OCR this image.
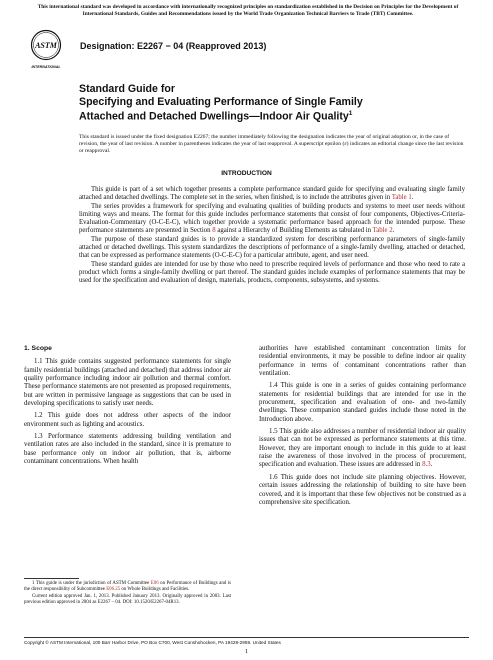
This international standard was developed in accordance with internationally recognized principles on standardization established in the Decision on Principles for the Development of International Standards, Guides and Recommendations issued by the World Trade Organization Technical Barriers to Trade (TBT) Committee.
ASTM
INTERNATIONAL
Designation: E2267 − 04 (Reapproved 2013)
Standard Guide for
Specifying and Evaluating Performance of Single Family
Attached and Detached Dwellings—Indoor Air Quality$^1$
This standard is issued under the fixed designation E2267; the number immediately following the designation indicates the year of original adoption or, in the case of revision, the year of last revision. A number in parentheses indicates the year of last reapproval. A superscript epsilon (ε) indicates an editorial change since the last revision or reapproval.
INTRODUCTION

This guide is part of a set which together presents a complete performance standard guide for specifying and evaluating single family attached and detached dwellings. The complete set in the series, when finished, is to include the attributes given in Table 1.

The series provides a framework for specifying and evaluating qualities of building products and systems to meet user needs without limiting ways and means. The format for this guide includes performance statements that consist of four components, Objectives-Criteria-Evaluation-Commentary (O-C-E-C), which together provide a systematic performance based approach for the intended purpose. These performance statements are presented in Section 8 against a Hierarchy of Building Elements as tabulated in Table 2.

The purpose of these standard guides is to provide a standardized system for describing performance parameters of single-family attached or detached dwellings. This system standardizes the descriptions of performance of a single-family dwelling, attached or detached, that can be expressed as performance statements (O-C-E-C) for a particular attribute, agent, and user need.

These standard guides are intended for use by those who need to prescribe required levels of performance and those who need to rate a product which forms a single-family dwelling or part thereof. The standard guides include examples of performance statements that may be used for the specification and evaluation of design, materials, products, components, subsystems, and systems.

1. Scope

1.1 This guide contains suggested performance statements for single family residential buildings (attached and detached) that address indoor air quality performance including indoor air pollution and thermal comfort. These performance statements are not presented as proposed requirements, but are written in permissive language as suggestions that can be used in developing specifications to satisfy user needs.

1.2 This guide does not address other aspects of the indoor environment such as lighting and acoustics.

1.3 Performance statements addressing building ventilation and ventilation rates are also included in the standard, since it is premature to base performance only on indoor air pollution, that is, airborne contaminant concentrations. When health

authorities have established contaminant concentration limits for residential environments, it may be possible to define indoor air quality performance in terms of contaminant concentrations rather than ventilation.

1.4 This guide is one in a series of guides containing performance statements for residential buildings that are intended for use in the procurement, specification and evaluation of one- and two-family dwellings. These companion standard guides include those noted in the Introduction above.

1.5 This guide also addresses a number of residential indoor air quality issues that can not be expressed as performance statements at this time. However, they are important enough to include in this guide to at least raise the awareness of those involved in the process of procurement, specification and evaluation. These issues are addressed in 8.3.

1.6 This guide does not include site planning objectives. However, certain issues addressing the relationship of building to site have been covered, and it is important that these few objectives not be construed as a comprehensive site specification.

1 This guide is under the jurisdiction of ASTM Committee E06 on Performance of Buildings and is the direct responsibility of Subcommittee E06.25 on Whole Buildings and Facilities.

Current edition approved Jan. 1, 2013. Published January 2013. Originally approved in 2003. Last previous edition approved in 2004 as E2267 – 04. DOI: 10.1520/E2267-04R13.

Copyright © ASTM International, 100 Barr Harbor Drive, PO Box C700, West Conshohocken, PA 19428-2959. United States
1
